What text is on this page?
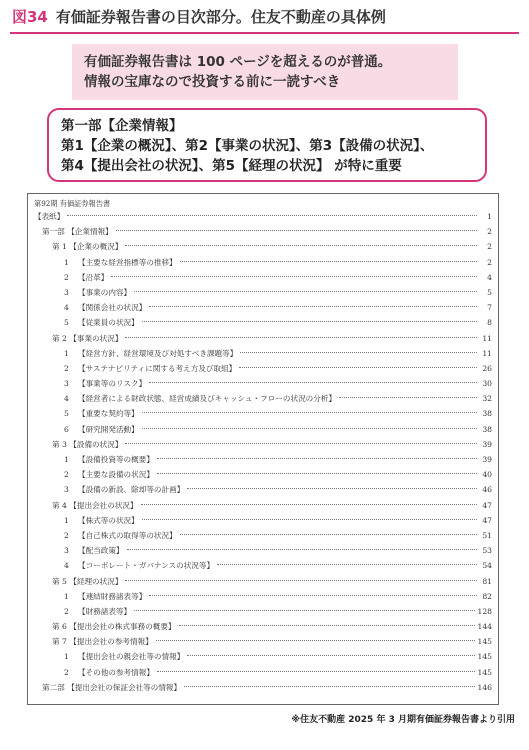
図34 有価証券報告書の目次部分。住友不動産の具体例
有価証券報告書は 100 ページを超えるのが普通。
情報の宝庫なので投資する前に一読すべき
第一部【企業情報】
第1【企業の概況】、第2【事業の状況】、第3【設備の状況】、
第4【提出会社の状況】、第5【経理の状況】 が特に重要
第92期 有価証券報告書
【表紙】	1
第一部 【企業情報】	2
第 1 【企業の概況】	2
1	【主要な経営指標等の推移】	2
2	【沿革】	4
3	【事業の内容】	5
4	【関係会社の状況】	7
5	【従業員の状況】	8
第 2 【事業の状況】	11
1	【経営方針、経営環境及び対処すべき課題等】	11
2	【サステナビリティに関する考え方及び取組】	26
3	【事業等のリスク】	30
4	【経営者による財政状態、経営成績及びキャッシュ・フローの状況の分析】	32
5	【重要な契約等】	38
6	【研究開発活動】	38
第 3 【設備の状況】	39
1	【設備投資等の概要】	39
2	【主要な設備の状況】	40
3	【設備の新設、除却等の計画】	46
第 4 【提出会社の状況】	47
1	【株式等の状況】	47
2	【自己株式の取得等の状況】	51
3	【配当政策】	53
4	【コーポレート・ガバナンスの状況等】	54
第 5 【経理の状況】	81
1	【連結財務諸表等】	82
2	【財務諸表等】	128
第 6 【提出会社の株式事務の概要】	144
第 7 【提出会社の参考情報】	145
1	【提出会社の親会社等の情報】	145
2	【その他の参考情報】	145
第二部 【提出会社の保証会社等の情報】	146
※住友不動産 2025 年 3 月期有価証券報告書より引用
